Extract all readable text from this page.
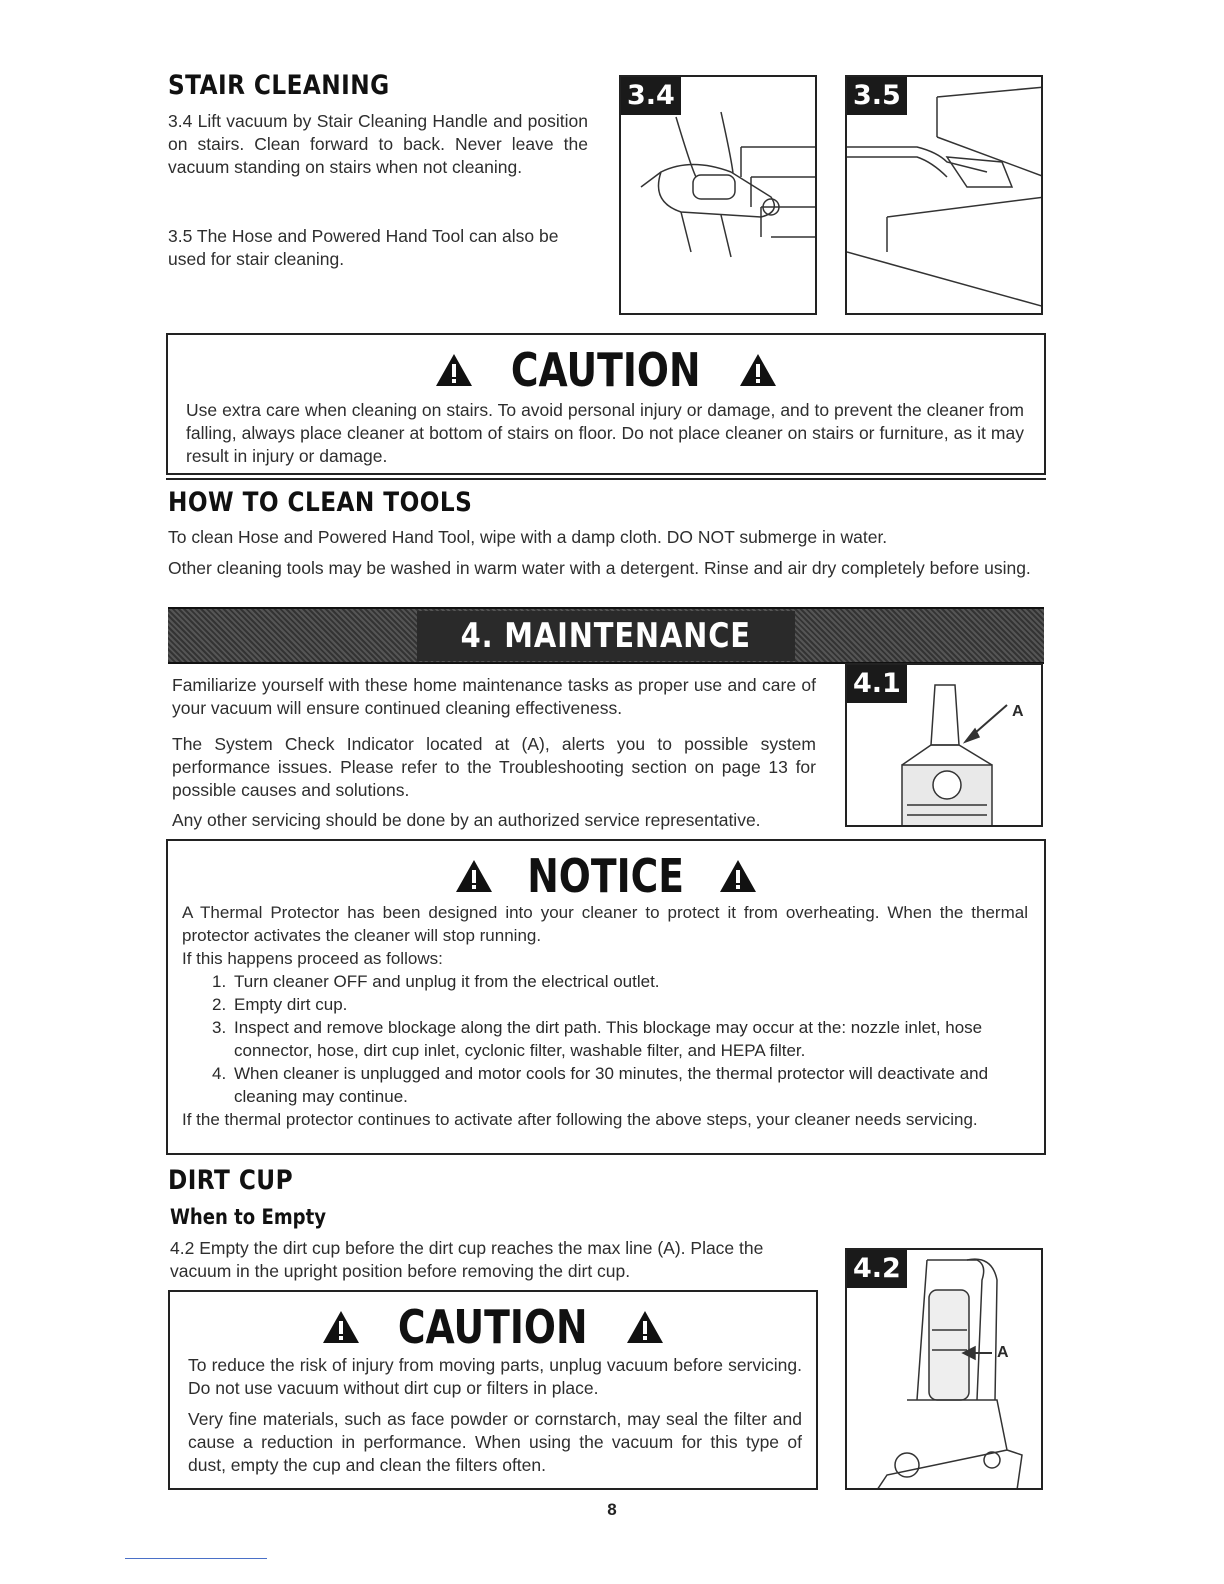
STAIR CLEANING

3.4 Lift vacuum by Stair Cleaning Handle and position on stairs. Clean forward to back. Never leave the vacuum standing on stairs when not cleaning.

3.5 The Hose and Powered Hand Tool can also be used for stair cleaning.

3.4	3.5
CAUTION

Use extra care when cleaning on stairs. To avoid personal injury or damage, and to prevent the cleaner from falling, always place cleaner at bottom of stairs on floor. Do not place cleaner on stairs or furniture, as it may result in injury or damage.

HOW TO CLEAN TOOLS

To clean Hose and Powered Hand Tool, wipe with a damp cloth. DO NOT submerge in water.

Other cleaning tools may be washed in warm water with a detergent. Rinse and air dry completely before using.

4. MAINTENANCE

Familiarize yourself with these home maintenance tasks as proper use and care of your vacuum will ensure continued cleaning effectiveness.

The System Check Indicator located at (A), alerts you to possible system performance issues. Please refer to the Troubleshooting section on page 13 for possible causes and solutions.

Any other servicing should be done by an authorized service representative.

4.1
A
NOTICE

A Thermal Protector has been designed into your cleaner to protect it from overheating. When the thermal protector activates the cleaner will stop running.

If this happens proceed as follows:

1. Turn cleaner OFF and unplug it from the electrical outlet.
2. Empty dirt cup.
3. Inspect and remove blockage along the dirt path. This blockage may occur at the: nozzle inlet, hose connector, hose, dirt cup inlet, cyclonic filter, washable filter, and HEPA filter.
4. When cleaner is unplugged and motor cools for 30 minutes, the thermal protector will deactivate and cleaning may continue.

If the thermal protector continues to activate after following the above steps, your cleaner needs servicing.

DIRT CUP
When to Empty

4.2 Empty the dirt cup before the dirt cup reaches the max line (A). Place the vacuum in the upright position before removing the dirt cup.

CAUTION

To reduce the risk of injury from moving parts, unplug vacuum before servicing. Do not use vacuum without dirt cup or filters in place.

Very fine materials, such as face powder or cornstarch, may seal the filter and cause a reduction in performance. When using the vacuum for this type of dust, empty the cup and clean the filters often.

4.2
A
8
